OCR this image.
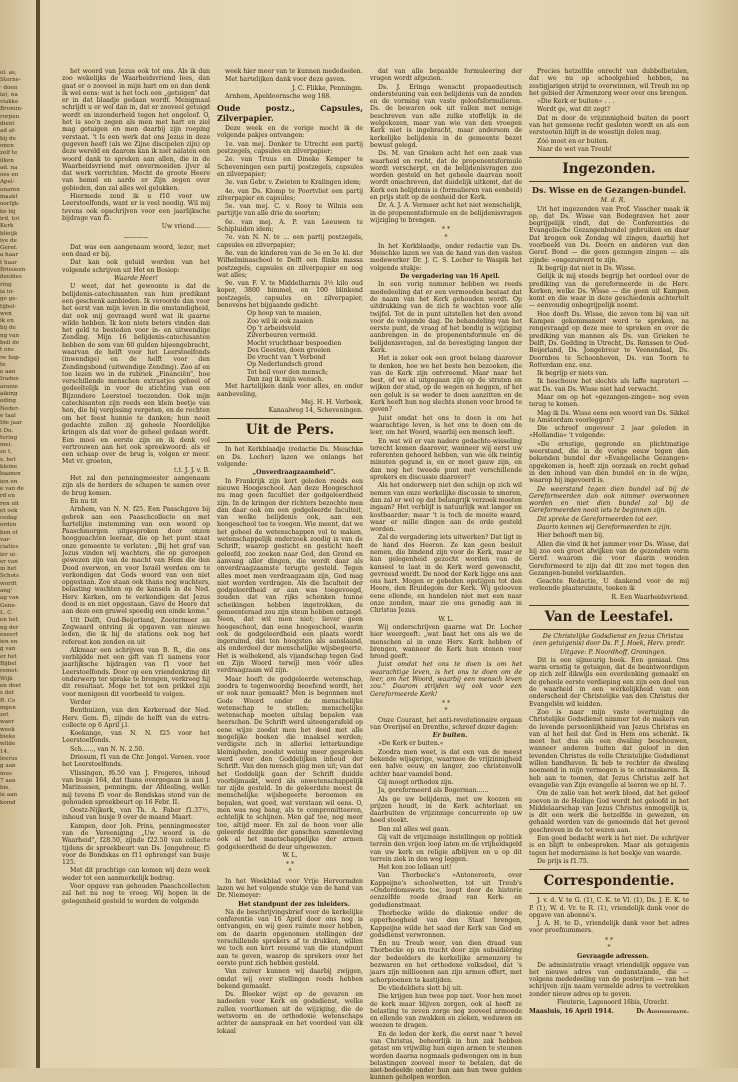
ol. as,
Sterne-
· doen
ia), na
vlakke
Broniin-
rorpen
dient
ad af-
bij de
onen
zelf te
ilken
ad. na
oes en
Apel-
onaren
maakt
oorlijk-
ke bij
ird, tot
Kerk
blieijk
ive de
Geref.
a haar
t haar
Briisieen
deeldes
ring
ia in-
ge ge-
tijbel-
wen
ik en
bij de
ng van
beil de
t ons
ve bap-
te
e aan
Iraden
aranie
aiking
oding
Neder-
e taal
Ide jaar
i Du.
tering
mei.
ze t,
s. het
kleine
baanen
ien en
e van de
rd en
ren uit
et ook
cedag
erden
ben of
var-
ciaties
ier ui-
er van
in het
Schots
wordt
ang'
ag van
Gene-
L. C.
en het
ng der
exeert
ien en
g van
er het
Bijbel
remet-
Wijk
en doet
s det
R. Co
mgen
zet
waer
week
bieke
wilde
14.
leerus
g aan
inus
7 aan
bis,
ie aan
komd

het woord van Jezus ook tot ons. Als ik dan zoo wekelijks de Waarheidsvriend lees, dan gaat er o zooveel in mijn hart om en dan denk ik wel eens: wat is het toch een „getuigen" dat er in dat blaadje gedaan wordt. Menigmaal schrijdt u er wel dan in, dat er zooveel getuigd wordt en inzonderheid tegen het ongeloof. O, het is soo'n zegen als men met hart en ziel mag getuigen en men daarbij zijn roeping verstaat. 't Is een werk dat ons Jezus in deze gegeven heeft (als we Zijne discipelen zijn) op deze wereld en daarom kan ik niet nalaten een woord dank te spreken aan allen, die in de Waarheidsvriend met onvermoeiden ijver al dat werk verrichten. Mocht de groote Heere van hemel en aarde er Zijn zegen over gebieden, dan zal alles wel gelukken.

Hiermede zend ik u f10 voor uw Leerstoelfonds, want er is veel noodig. Wil mij tevens ook opschrijven voor een jaarlijksche bijdrage van f5.

Uw vriend........

————

Dat was een aangenaam woord, lezer, met een daad er bij.

Dat kan ook geluid worden van het volgende schrijven uit Het en Bosiop:

Waarde Heer!

U weet, dat het gewoonte is dat de belijdenis-catechisanten van hun predikant een geschenk aanbieden. Ik veroorde dan voor het eerst van mijn leven in die omstandigheid, dat ook mij gevraagd werd wat ik gaarne wilde hebben. Ik kon niets beters vinden dan het geld te besteden voor in- en uitwendige Zending. Mijn 16 belijdenis-catechisanten hebben de som van 60 gulden bijeengebracht, waarvan de helft voor het Leerstoelfonds (inwendige) en de helft voor den Zendingsbond (uitwendige Zending). Zoo af en toe lezen we in de rubriek „Financiën", hoe verschillende menschen extraatjes geheel of gedeeltelijk in voor de stichting van een Bijzondere Leerstoel toezenden. Ook mijn catechisanten zijn reeds een klein beetje van hen, die bij vergissing vergeten, en de rechten om het feest hunnie te danken; hun nooit gedachte zullen zij geheele Noordelijke kringen als dat voor de geheel gedaan wordt. Een mooi en eerste zijn en ik denk vol vertrouwen aan het ook spreekwoord: als er een schaap over de brug is, volgen er meer. Met vr. groeten,

t.t. J. J. v. B.

Het zal den penningmeester aangenaam zijn als de herders de schapen te samen over de brug komen.

En nu tit

Arnhem, van N. N. f25. Een Paaschgave bij gebrek aan een Paaschcollecte en met hartelijke instemming van een woord op Paaschmorgen uitgesproken door onzen hooggeachten leeraar, die op het punt staat onze gemeente te verlaten: „Bij het graf van Jezus vinden wij wachters, die op geroepen gewezen zijn van de macht van Hem die den Dood overwon, en voor Israël worden om te verkondigen dat Gods woord van een niet opgestaan. Zoo staan ook thans nog wachters, belasting wachten op de kansels in de Ned. Herv. Kerken, om te verkondigen dat Jezus dood is en niet opgestaan. Gave de Heere dat aan deze een gruwel spoedig een einde kome."

Uit Delft, Oud-Beijerland, Zoetermeer en Zegwaard ontving ik opgaven van nieuwe leden, die ik bij de stations ook nog het refereat kon zenden en uit

Alkmaar een schrijven van B. R., die ons verblijdde met een gift van f1 namens voor jaarlijksche bijdragen van f1 voor het Leerstoelfonds. Door op een vriendenkring dit onderwerp ter sprake te brengen, verkreeg hij dit resultaat. Moge het tot een prikkel zijn voor menigeen dit voorbeeld te volgen.

Verder

Benthuizen, van den Kerkeraad der Ned. Herv. Gem. f5, zijnde de helft van de extra-collecte op 6 April j.l.

Koekange, van N. N. f25 voor het Leerstoelfonds.

Sch......, van N. N. 2.50.

Driesum, f1 van de Chr. Jongel. Vereen. voor het Leerstoelfonds.

Vlissingen, f6.50 van J. Fregeres, inhoud van busje 164, dat thans overgegaan is aan J. Marinussen, penningm. der Afdeeling, welke mij tevens f5 voor de Bondskas stond van de gehouden spreekbeurt op 16 Febr. II.

Oostz-Nijkerk, van Th. A. Faber f1.37½, inhoud van busje 9 over de maand Maart.

Kampen, door Joh. Prins, penningmeester van de Vereeniging „Uw woord is de Waarheid", f28.50, zijnde f22.50 van collecte tijdens de spreekbeurt van Ds. Jongebreur, f5 voor de Bondskas en f11 ophrengst van busje 125.

Met dit prachtige can komen wij deze week weder tot een aanmerkelijk bedrag.

Voor opgave van gehouden Paaschcollecten zal het nu nog te vroeg. Wij hopen in de gelegenheid gesteld te worden de volgende

week hier meer van te kunnen mededeelen.

Met hartelijken dank voor deze gaven.

J. C. Flikke, Penningm.

Arnhem, Apeldoornsche weg 188.

Oude postz., Capsules, Zilverpapier.

Deze week en de vorige mocht ik de volgende pakjes ontvangen:

1e. van mej. Donker te Utrecht een partij postzegels, capsules en zilverpapier;

2e. van Truus en Dineke Kemper te Scheveningen een partij postzegels, capsules en zilverpapier;

3e. van Gebr. v. Zwieten te Kralingen idem;

4e. van Ds. Klomp te Poortvliet een partij zilverpapier en capsules;

5e. van mej. C. v. Rooy te Wilnis een partijtje van alle drie de soorten;

6e. van mej. A. P. van Leeuwen te Schipluiden idem;

7e. van N. N. te ... een partij postzegels, capsules en zilverpapier;

8e. van de kinderen van de 3e en 3e kl. der Wilhelminaschool te Delft een flinke massa postzegels, capsules en zilverpapier en nog wat alles;

9e. van F. V. te Middelharnis 3½ kilo oud koper, 3800 bimmel, en 100 blinkend postzegels, capsules en zilverpapier, benevens het bijgaande gedicht:

Op hoop van te maaien,
Zoo wil ik ook zaaien
Op 't arbeidsveld
Zilverbeuren vermeld.
Mocht vruchtbaar bespoedien
Des Geestes, doen groeien
De vrucht van 't Verbond
Op Nederlandsch grond
Tot heil voor den mensch;
Dan zag ik mijn wensch.

Met hartelijken dank voor alles, en onder aanbeveling,

Mej. H. H. Verbeek,

Kanaalweg 14, Scheveningen.

Uit de Pers.

In het Kerkblaadje (redactie Ds. Meischke en Ds. Locher) lazen we onlangs het volgende:

„Onverdraagzaamheid".

In Frankrijk zijn kort geleden reeds een nieuwe Hoogeschool. Aan deze Hoogeschool nu mag geen facultiet der godgeleerdheid zijn. In de kringen der richters bezochte men dan daar ook om een godgeleerde faculteit, van welke belijdenis ook, aan een hoogeschool toe te voegen. Wie meent, dat we het geheel de wetenschappen vol te maken, wetenschappelijk onderzoek zoodig is van de Schrift, waarop gesticht en gesticht heeft geleefd, zoo zoeken naar God, den Grond en aanvang aller dingen, die wordt daar als onverdraagzaamste terugte gesteld. Tegen alles moet men verdraagzaam zijn, God mag niet worden verdragen. Als die faculteit der godgeleerdheid er aan was toegevoegd, zouden dat van rijks schenken hunne scheikingen hebben ingetrokken, de gemeenteraad zou zijn steun hebben ontzegd. Neen, dat wil men niet; liever geen hoogeschool, dan eene hoogeschool, waarin ook de godgeleerdheid een plaats wordt ingeruimd, dat ten hoogsten als aanslaand, als onderdeel der menschelijke wijsbegeerte. Het is welbekend, als vijandschap tegen God en Zijn Woord terwijl men vóór alles verdraagzaam wil zijn.

Maar hoeft de godgeleerde wetenschap, zoodra te tegenwoordig beoefend wordt, het er ook naar gemaakt? Men is begonnen met Gods Woord onder de menschelijke wetenschap te stellen; menschelijke wetenschap moeten uitslag bepalen van heerschen. De Schrift werd uiteengerafeld op eene wijze zoodat men het deed met alle mogelijke boeken die maaksel werden; verdigste zich in allerlei letterkundige kleinigheden, zoodat weinig meer gesproken werd over den Goddelijken inhoud der Schrift. Van den mensch ging men uit; van dat het Goddelijk gaan der Schrift duidde voorbijmaakt, werd als onwetenschappelijk ter zijde gesteld. In de geleerdste moest de menschelijke wijsbegeerte beroemen en bepalen, wat goed, wat verstaan wil eens. O, men was nog bang, als te compromitteeren, echtelijk te schijnen. Men gaf toe, nog meer toe, altijd meer. En zal de hoon voor alle geleerde dezelfde der ganschen samenleving ook al het maatschappelijke der armen godgeleerdheid de deur uitgewezen.

W. L.

* *
*

In het Weekblad voor Vrije Hervormden lazen we het volgende stukje van de hand van Dr. Niemeyer:

Het standpunt der zes inleiders.

Na de beschrijvingsbrief voor de kerkelijke conferentie van 16 April door ons nog is ontvangen, en wij geen ruimte meer hebben, om de daarin opgenomen stellingen der verschillende sprekers af te drukken, willen we toch een kort resumé van die standpunt aan te geven, waarop de sprekers over het eerste punt zich hebben gesteld.

Van zuiver kunnen wij daarbij zwijgen, omdat wij over stellingen reeds hebben bekend gemaakt.

Ds. Bleeker wijst op de gevaren en nadeelen voor Kerk en godsdienst, welke zullen voortkomen uit de wijziging, die de wetsvorm en de orthodoxie wetenschaps achter de aanspraak en het voordeel van elk lokaal

dat van alle bepaalde formuleering der vragen wordt afgezien.

Ds. J. Eringa wenscht propaedeutisch ondersteuning van een belijdenis van de zonden en de vorming van vaste geloofsformulieren. Ds. de bewaren ook uit vallen met eenige beschreven van alle zulke stoffelijk in de welgekozen, maar van wie van den vroegen Kerk niet is ingebracht, maar andersom de kerkelijke belijdenis in de gemeente bezet bewust gelegd.

Ds. M. van Grieken acht het een zaak van waarheid en recht, dat de propenentsformule wordt verscherpt, en de belijdenisvragen zoo worden gesteld en het geheele daarvan nooit wordt omschreven, dat duidelijk uitkomt, dat de Kerk een belijdenis is (formulieren van eenheid) en prijs stelt op de eenheid der Kerk.

Dr. A. J. A. Vermeer acht het niet wenschelijk, in de propenentsformule en de belijdenisvragen wijziging te brengen.

* *
*

In het Kerkblaadje, onder redactie van Ds. Meischke lazen we van de hand van den vasten medewerker Dr. J. C. S. Locher te Waspik het volgende stukje:

De vergadering van 16 April.

In een vorig nummer hebben we reeds mededeeling dat er een vermoeden bestaat dat de naam van het Kerk gehouden wordt. Op uitdrukking van de zich te wachten voor alle twijfel. Tot de in punt uitstellen het den avond voor de volgende dag. De behandeling van het eerste punt, de vraag of het bondig is wijziging aanbrengen in de propenentsformule en de belijdenisvragen, zal de bevestiging langen der Kerk.

Het is zeker ook een groot belang daarover te denken, hoe we het beste hen bezoeken, die van de Kerk zijn ontvreemd. Maar naar het best, of we al uitgegaan zijn op de straten en wijken der stad, op de wegen en heggen, of het een geluk is se weder te doen aanzitten en de Kerk heeft hun nog slechts stenen voor brood te geven?

Juist omdat het ons te doen is om het waarachtige leven, is het ons te doen om de leer, om het Woord, waarbij een mensch leeft.

En wat wil er van nadere gedachte-wisseling terecht komen daarover, wanneer wij eerst uw referenten gehoord hebben, van wie elk twintig minuten gegund is, en er moet gauw zijn, en dan nog het tweede punt met verschillende sprekers en discussie daarover?

Als het onderwerp niet den schijn op zich wil nemen van onze werkelijke discussie te smoren, dan zal er wel op dat belangrijk verzoek moeten ingaan? Het verblijf is natuurlijk wat langer en kostbaarder; maar 't is toch de moeite waard, waar er mille dingen aan de orde gesteld worden.

Zal de vergadering iets uitwerken? Dat ligt in de hand des Heeren. Ze kan geen besluit nemen, die bindend zijn voor de Kerk, maar er kan gelegenheid gezocht worden van de kanseel te laat in de Kerk werd gewenscht, gevreesd wordt. De nood der Kerk ligge ons aan ons hart. Mogen er gebeden opstijgen tot den Heere, den Bruidegom der Kerk. Wij gelooven eene ellende, en handelen niet met een naar onze zonden, maar zie ons genadig aan in Christus Jezus.

W. L.

Wij onderschrijven gaarne wat Dr. Locher hier weergeeft: „wat baat het ons als we de menschen al in onze Herv. Kerk hebben of brengen, wanneer de Kerk hun stenen voor brood geeft.

Juist omdat het ons te doen is om het waarachtige leven, is het ons te doen om de leer, om het Woord, waarbij een mensch leven zou." Daarom strijden wij ook voor een Gereformeerde Kerk!

* *
*

Onze Courant, het anti-revolutionaire orgaan van Overijsel en Drenthe, schreef dezer dagen:

Er buiten.

»De Kerk er buiten.«

Zoodra men weet, is dat een van de meest bekende wijsgerige, waarmee de vrijzinnigheid een halve eeuw, en langer, zoo christenvolk achter haar vaandel bond.

Gij moogt orthodox zijn.

Ja, gereformeerd als Bogerman......

Als ge uw belijdenis, met uw koozen en prijzen houdt, in de Kerk achterlaat en daarbuiten de vrijzinnige concurrente op uw hoed steekt.

Dan zal alles wel gaan.

Gij valt de vrijzinnige instellingen op politiek terrein den vrijen loop laten en de vrijheidsgeld van uw kerk en religie afblijven en u op dit terrein ziek in den weg leggen.

Het kon zoo lollaan uit!

Van Thorbecke's »Antonereets, over Kappeijne's schoolwetten, tot uit Treub's »Onderdomswets toe, loopt door de historie eenzelfde roode draad van Kerk- en godsdienstmaat.

Thorbecke wilde de diakonie onder de opperhoogheid van den Staat brengen, Kappeijne wilde het saad der Kerk van God en godsdienst verwronnen.

En nu Treub weer, van dien draad van Thorbecke op en tracht door zijn subsidiëring der bedeelders de kerkelijke armenzorg te bezwaren en het orthodoxe volksdeel, dat 's jaars zijn millioenen aan zijn armen offert, met schorpioenen te kastijden.

De vliedeldiets slott bij uit.

Die krijgen hun twee pop niet. Voor hen moet de kerk maar blijven zorgen, ook al heeft ze belasting te zeven zorge nog zooveel armoede en ellende van zwakken en zieken, weduwen en weezen te dragen.

En de leden der kerk, die eerst naar 't bevel van Christus, behoorlijk in hun zak hebben getast om vrijwillig hun eigen armen te steunen worden daarna nogmaals gedwongen om in hun belastingen zooveel meer te betalen, dat de niet-bedeelde onder hun aan hun twee gulden kunnen geholpen worden.

Precies hetzelfde onrecht van dubbelbetalen, dat we nu op schoolgebied hebben, na zestigjarigen strijd te overwinnen, wil Treub nu op het gebied der Armenzorg weer over ons brengen.

»Die Kerk er buiten« . . .

Wordt ge, wat dit zegt?

Dat m door de vrijzinnigheid buiten de poort van het gemeene recht gesloten wordt en als een verstooten blijft in de woestijn dolen mag.

Zóó moet en er buiten.

Naar de wet van Treub!

Ingezonden.
Ds. Wisse en de Gezangen-bundel.

M. d. R.

Uit het ingezonden van Prof. Visscher maak ik op, dat Ds. Wisse van Bodegraven het zeer begrijpelijk vindt, dat de Conferenties de Evangelische Gezangenbundel gebruiken en daar Dat kregen ook Zondag wil zingen, daarbij het voorbeeld van Ds. Doorn en anderen van den Geref. Bond — die geen gezangen zingen — als zijnde: »ongezuiverd te zijn.

Ik begrijp dat niet in Ds. Wisse.

Gelijk ik mij steeds begrijp het oordeel over de prediking van de gereformeerde in de Herv. Kerken, welke Ds. Wisse — die geen uit Kampen komt en die waar in deze geschiedenis achtertelt — eenvoudig onbegrijpelijk noemt.

Hoe doeft Ds. Wisse, die zeven tom bij van uit Kampen gekommanent werd te spreken, na rengevraagd op deze mee te spreken en over de prediking van mannen als Ds. van Grieken te Delft, Ds. Gedding in Utrecht, Ds. Renssen te Oud-Beijerland, Ds. Jongebreur te Veenendaal, Ds. Doornbos te Schoonhoven, Ds. van Toorn te Rotterdam enz. enz.

Ik begrijp er niets van.

Ik beschouw het slechts als laffe naprateri — wat Ds. van Ds. Wisse niet had verwacht.

Maar om op het »gezangen-zingen« nog even terug te komen.

Mag ik Ds. Wisse eens een woord van Ds. Sikkel te Amsterdam voorleggen?

Die schreef ongeveer 2 jaar geleden in »Hollandia« 't volgende:

»De ernstige, gegronde en plichtmatige weerstand, die in de vorige eeuw tegen den bekenden bundel der »Evangelische Gezangen« opgekomen is, heeft zijn oorzaak en recht gehad in den inhoud van dien bundel en in de wijze, waarop hij ingevoerd is.

De weerstand tegen dien bundel zal bij de Gereformeerden dan ook nimmer overwonnen worden en niet dien bundel zal bij de Gereformeerden nooit iets te beginnen zijn.

Dit spreke de Gereformeerden tot eer.

Daarin kennen wij Gereformeerden te zijn.

Hier behoeft men bij.

Allen die vind ik het jammer voor Ds. Wisse, dat hij zoo een groot afwijken van de gezonden vorm Geref. waarom die voor daarin wonden Gereformeerd te zijn dat dit zoo met tegen den Gezangen-bundel verklaarden.

Geachte Redactie, U dankend voor de mij verleende plaatsruimte, teeken ik

R. Een Waarheidsvriend.

Van de Leestafel.

De Christelijke Godsdienst en Jezus Christus (een getuigenis) door Ds. P. J. Hoek, Herv. predr.

Uitgave: P. Noordhoff, Groningen.

Dit is een sijmeurig boek. Een geniaal. Ons warm ernstig te getuigen, dat de beantwoordigen op zich zelf dikwijls een overdenking gemaakt en de geheele eerste verdieping een zijn een doel van de waarheid in een werkelijkheid van een onderscheid der Christelijke van den Christus der Evangeliën wil leidden.

Zoo is naar mijn vaste overtuiging de Christelijke Godsdienst nimmer tot de makers van de levende persoonlijkheid van Jezus Christus en van al het heil dat God in Hem ons schenkt. Ik moet het dus als een dwaling beschouwen, wanneer anderen buiten dat geloof in den levenden Christus de volle Christelijke Godsdienst willen handhaven. Ik heb te rechter de dwaling noemend in mijn vermogen is te ontmaskeren. Ik heb aan te toonen, dat Jezus Christus zelf het evangelie van Zijn evangelie al leeren we op bl. 7.

Om de zalie van het werk bloed, dat het geloof zoeven in de Heilige God wordt het geloofd in het Middelaarschap van Jezus Christus onmogelijk is, is dit een werk die hetzelfde in gewezen, en gehaald worden van de genoemde dat het gevoel geschreven in de tot wezen aan.

Een goed bedacht werk is het niet. De schrijver is en blijft te onbesproken. Maar als getuigenis tegen het modernisme is het boekje van waarde.

De prijs is f1.75.

Correspondentie.

J. v. d. V. te G. (1), C. K. te Vl. (1), Ds. J. E. K. te P. (1), W. d. Vr. te R. (1), vriendelijk dank voor de opgave van abonné's.

J. A. H. te D., vriendelijk dank voor het adres voor proefnummers.

* *
*

Gevraagde adressen.

De administratie vraagt vriendelijk opgave van het nieuwe adres van ondanstaande, die — volgens mededeeling van de posterijen — van het schrijven zijn naam vermelde adres te vertrekken zonder nieuw adres op te geven.

Fleuterie, Lagenoord 16bis, Utrecht.

Maasluis, 16 April 1914.	De Administratie.
